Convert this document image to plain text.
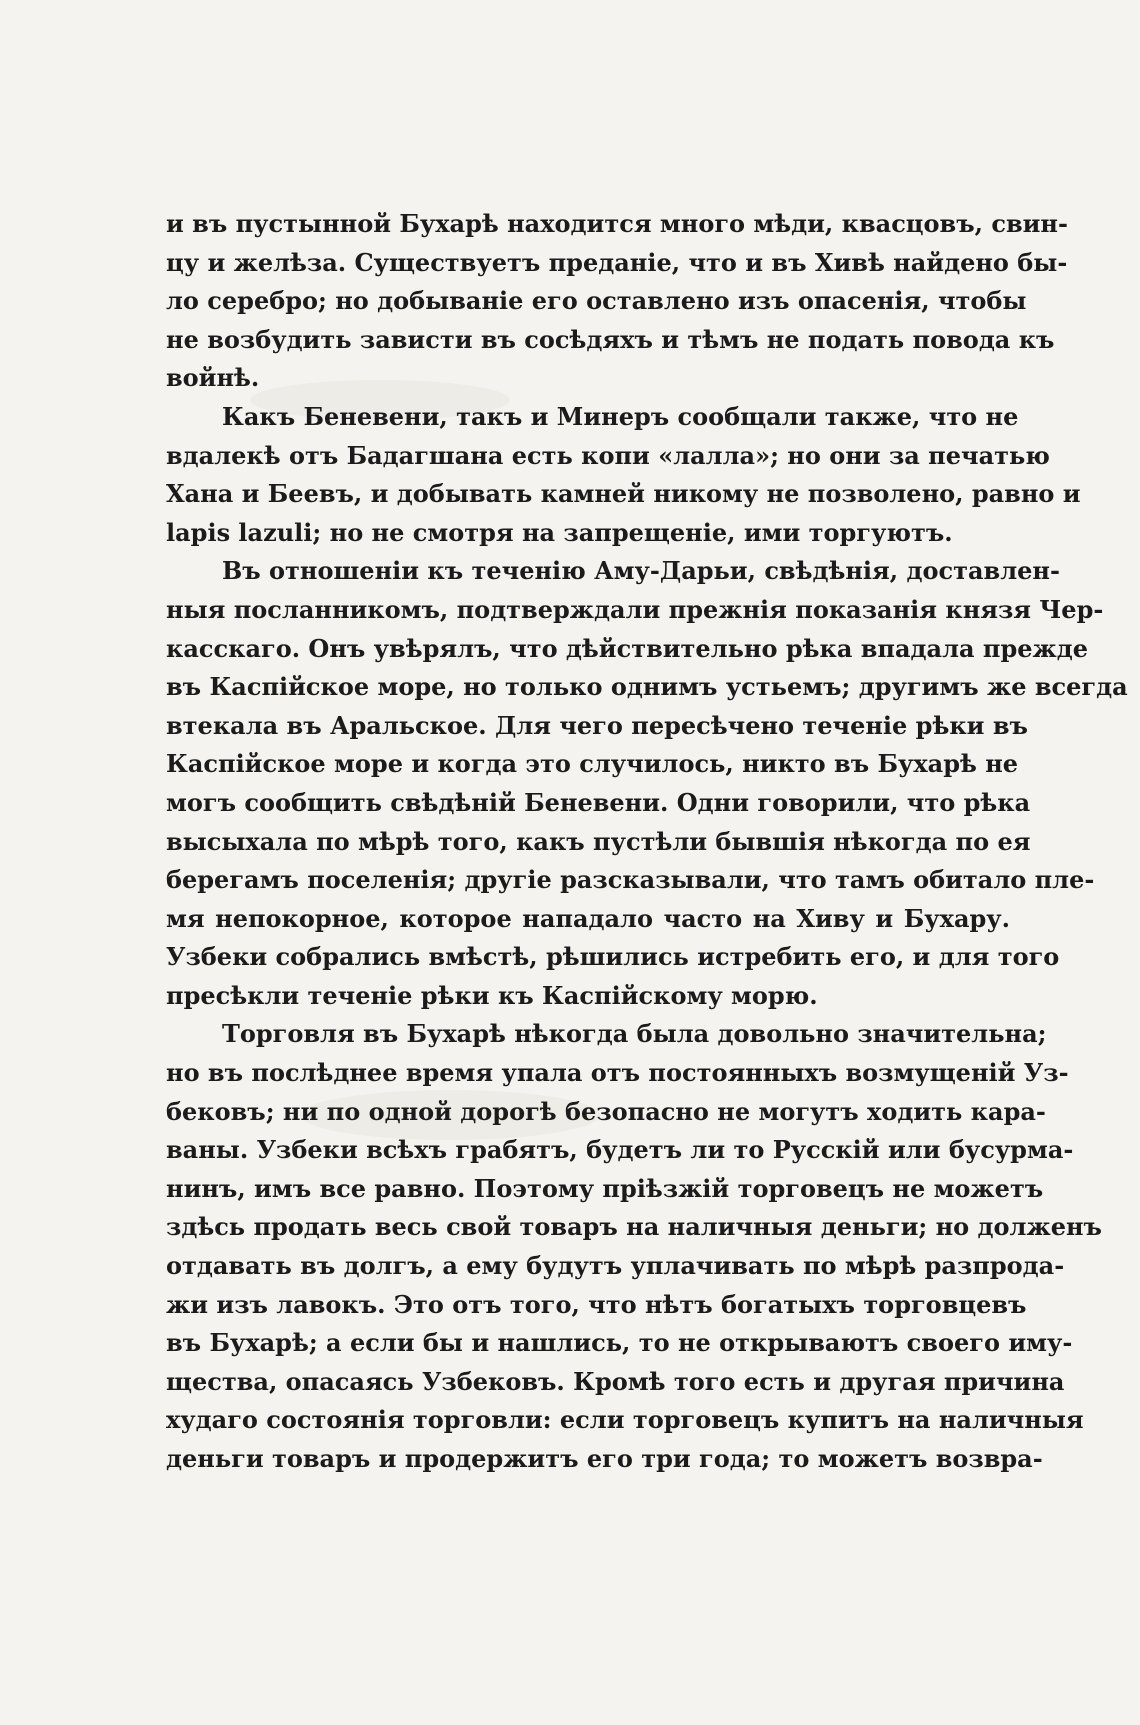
и въ пустынной Бухарѣ находится много мѣди, квасцовъ, свин-
цу и желѣза. Существуетъ преданіе, что и въ Хивѣ найдено бы-
ло серебро; но добываніе его оставлено изъ опасенія, чтобы
не возбудить зависти въ сосѣдяхъ и тѣмъ не подать повода къ
войнѣ.
Какъ Беневени, такъ и Минеръ сообщали также, что не
вдалекѣ отъ Бадагшана есть копи «лалла»; но они за печатью
Хана и Беевъ, и добывать камней никому не позволено, равно и
lapis lazuli; но не смотря на запрещеніе, ими торгуютъ.
Въ отношеніи къ теченію Аму-Дарьи, свѣдѣнія, доставлен-
ныя посланникомъ, подтверждали прежнія показанія князя Чер-
касскаго. Онъ увѣрялъ, что дѣйствительно рѣка впадала прежде
въ Каспійское море, но только однимъ устьемъ; другимъ же всегда
втекала въ Аральское. Для чего пересѣчено теченіе рѣки въ
Каспійское море и когда это случилось, никто въ Бухарѣ не
могъ сообщить свѣдѣній Беневени. Одни говорили, что рѣка
высыхала по мѣрѣ того, какъ пустѣли бывшія нѣкогда по ея
берегамъ поселенія; другіе разсказывали, что тамъ обитало пле-
мя непокорное, которое нападало часто на Хиву и Бухару.
Узбеки собрались вмѣстѣ, рѣшились истребить его, и для того
пресѣкли теченіе рѣки къ Каспійскому морю.
Торговля въ Бухарѣ нѣкогда была довольно значительна;
но въ послѣднее время упала отъ постоянныхъ возмущеній Уз-
бековъ; ни по одной дорогѣ безопасно не могутъ ходить кара-
ваны. Узбеки всѣхъ грабятъ, будетъ ли то Русскій или бусурма-
нинъ, имъ все равно. Поэтому пріѣзжій торговецъ не можетъ
здѣсь продать весь свой товаръ на наличныя деньги; но долженъ
отдавать въ долгъ, а ему будутъ уплачивать по мѣрѣ разпрода-
жи изъ лавокъ. Это отъ того, что нѣтъ богатыхъ торговцевъ
въ Бухарѣ; а если бы и нашлись, то не открываютъ своего иму-
щества, опасаясь Узбековъ. Кромѣ того есть и другая причина
худаго состоянія торговли: если торговецъ купитъ на наличныя
деньги товаръ и продержитъ его три года; то можетъ возвра-
